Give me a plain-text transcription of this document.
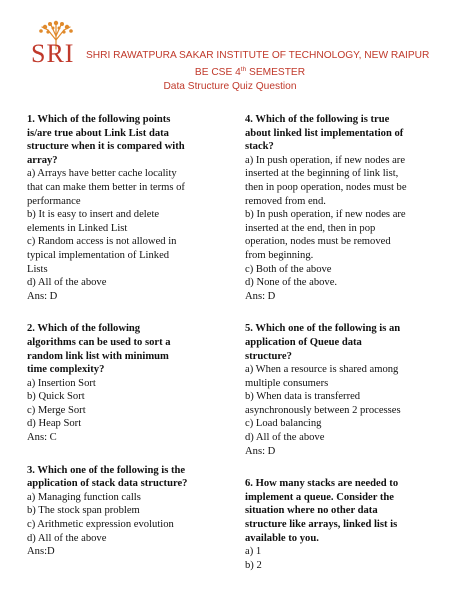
SRI SHRI RAWATPURA SAKAR INSTITUTE OF TECHNOLOGY, NEW RAIPUR
BE CSE 4th SEMESTER
Data Structure Quiz Question
1. Which of the following points
is/are true about Link List data
structure when it is compared with
array?
a) Arrays have better cache locality
that can make them better in terms of
performance
b) It is easy to insert and delete
elements in Linked List
c) Random access is not allowed in
typical implementation of Linked
Lists
d) All of the above
Ans: D
2. Which of the following
algorithms can be used to sort a
random link list with minimum
time complexity?
a) Insertion Sort
b) Quick Sort
c) Merge Sort
d) Heap Sort
Ans: C
3. Which one of the following is the
application of stack data structure?
a) Managing function calls
b) The stock span problem
c) Arithmetic expression evolution
d) All of the above
Ans:D
4. Which of the following is true
about linked list implementation of
stack?
a) In push operation, if new nodes are
inserted at the beginning of link list,
then in poop operation, nodes must be
removed from end.
b) In push operation, if new nodes are
inserted at the end, then in pop
operation, nodes must be removed
from beginning.
c) Both of the above
d) None of the above.
Ans: D
5. Which one of the following is an
application of Queue data
structure?
a) When a resource is shared among
multiple consumers
b) When data is transferred
asynchronously between 2 processes
c) Load balancing
d) All of the above
Ans: D
6. How many stacks are needed to
implement a queue. Consider the
situation where no other data
structure like arrays, linked list is
available to you.
a) 1
b) 2
